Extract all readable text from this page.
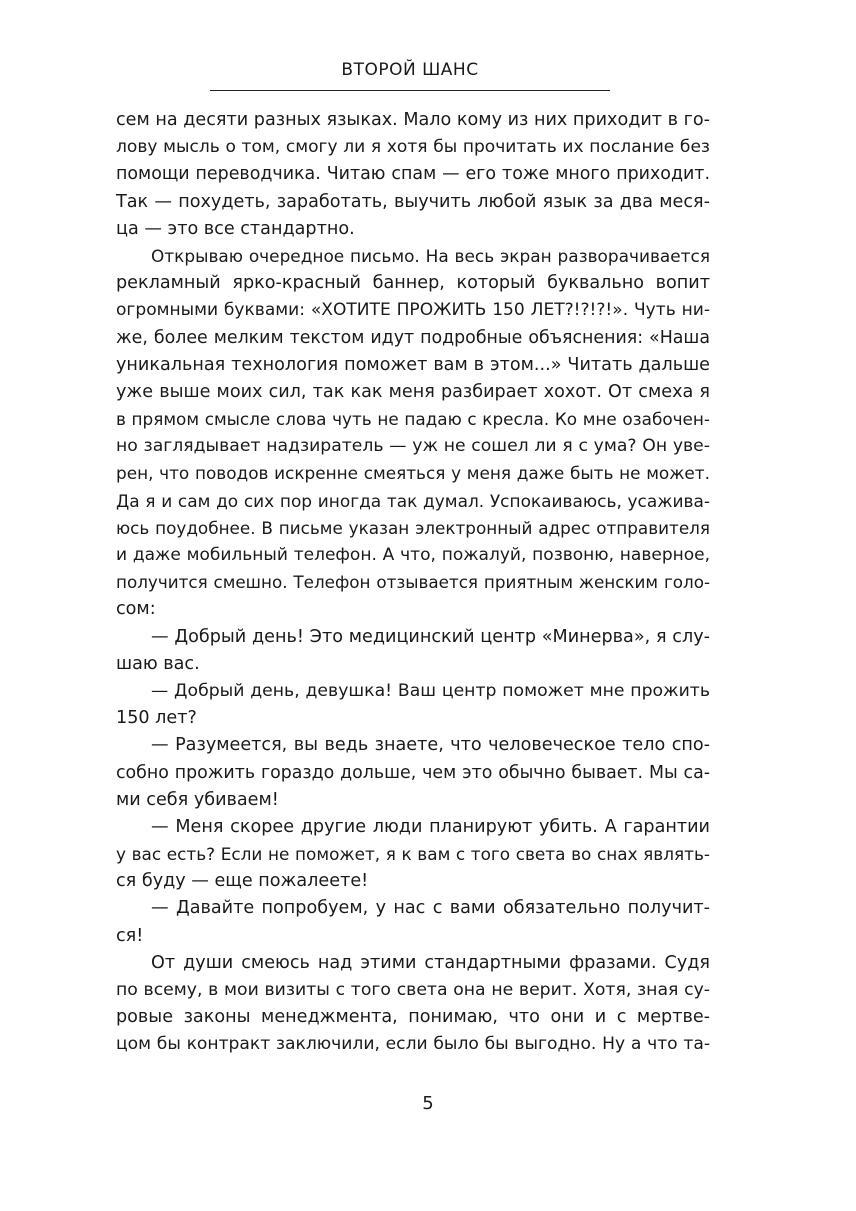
ВТОРОЙ ШАНС
сем на десяти разных языках. Мало кому из них приходит в го-
лову мысль о том, смогу ли я хотя бы прочитать их послание без
помощи переводчика. Читаю спам — его тоже много приходит.
Так — похудеть, заработать, выучить любой язык за два меся-
ца — это все стандартно.
Открываю очередное письмо. На весь экран разворачивается
рекламный ярко-красный баннер, который буквально вопит
огромными буквами: «ХОТИТЕ ПРОЖИТЬ 150 ЛЕТ?!?!?!». Чуть ни-
же, более мелким текстом идут подробные объяснения: «Наша
уникальная технология поможет вам в этом...» Читать дальше
уже выше моих сил, так как меня разбирает хохот. От смеха я
в прямом смысле слова чуть не падаю с кресла. Ко мне озабочен-
но заглядывает надзиратель — уж не сошел ли я с ума? Он уве-
рен, что поводов искренне смеяться у меня даже быть не может.
Да я и сам до сих пор иногда так думал. Успокаиваюсь, усажива-
юсь поудобнее. В письме указан электронный адрес отправителя
и даже мобильный телефон. А что, пожалуй, позвоню, наверное,
получится смешно. Телефон отзывается приятным женским голо-
сом:
— Добрый день! Это медицинский центр «Минерва», я слу-
шаю вас.
— Добрый день, девушка! Ваш центр поможет мне прожить
150 лет?
— Разумеется, вы ведь знаете, что человеческое тело спо-
собно прожить гораздо дольше, чем это обычно бывает. Мы са-
ми себя убиваем!
— Меня скорее другие люди планируют убить. А гарантии
у вас есть? Если не поможет, я к вам с того света во снах являть-
ся буду — еще пожалеете!
— Давайте попробуем, у нас с вами обязательно получит-
ся!
От души смеюсь над этими стандартными фразами. Судя
по всему, в мои визиты с того света она не верит. Хотя, зная су-
ровые законы менеджмента, понимаю, что они и с мертве-
цом бы контракт заключили, если было бы выгодно. Ну а что та-
5
